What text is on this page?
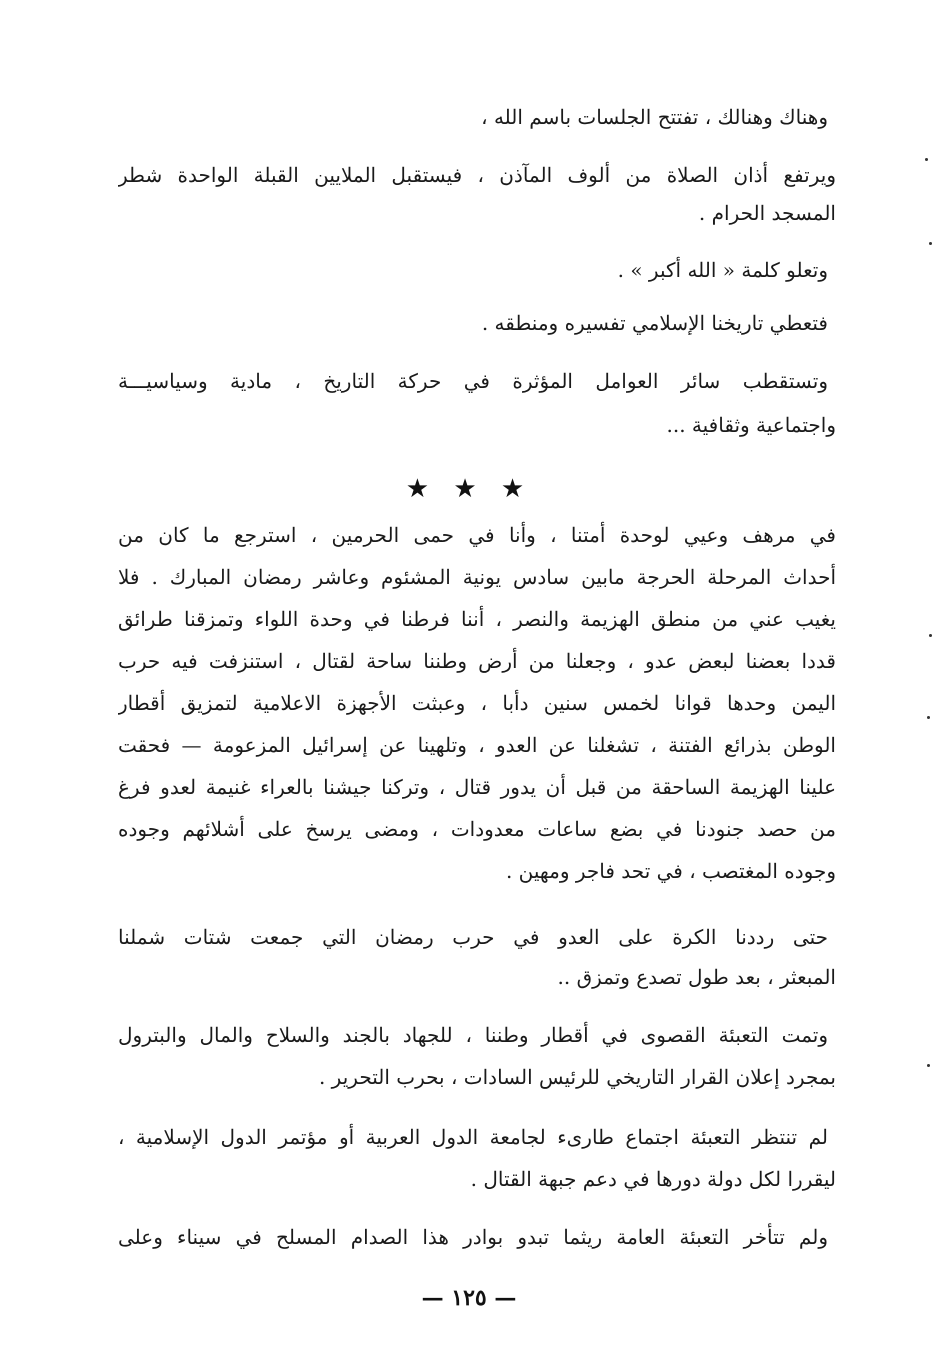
وهناك وهنالك ، تفتتح الجلسات باسم الله ،
ويرتفع أذان الصلاة من ألوف المآذن ، فيستقبل الملايين القبلة الواحدة شطر
المسجد الحرام .
وتعلو كلمة « الله أكبر » .
فتعطي تاريخنا الإسلامي تفسيره ومنطقه .
وتستقطب سائر العوامل المؤثرة في حركة التاريخ ، مادية وسياسيـــة
واجتماعية وثقافية ...
★ ★ ★
في مرهف وعيي لوحدة أمتنا ، وأنا في حمى الحرمين ، استرجع ما كان من
أحداث المرحلة الحرجة مابين سادس يونية المشئوم وعاشر رمضان المبارك . فلا
يغيب عني من منطق الهزيمة والنصر ، أننا فرطنا في وحدة اللواء وتمزقنا طرائق
قددا بعضنا لبعض عدو ، وجعلنا من أرض وطننا ساحة لقتال ، استنزفت فيه حرب
اليمن وحدها قوانا لخمس سنين دأبا ، وعبثت الأجهزة الاعلامية لتمزيق أقطار
الوطن بذرائع الفتنة ، تشغلنا عن العدو ، وتلهينا عن إسرائيل المزعومة — فحقت
علينا الهزيمة الساحقة من قبل أن يدور قتال ، وتركنا جيشنا بالعراء غنيمة لعدو فرغ
من حصد جنودنا في بضع ساعات معدودات ، ومضى يرسخ على أشلائهم وجوده
وجوده المغتصب ، في تحد فاجر ومهين .
حتى رددنا الكرة على العدو في حرب رمضان التي جمعت شتات شملنا
المبعثر ، بعد طول تصدع وتمزق ..
وتمت التعبئة القصوى في أقطار وطننا ، للجهاد بالجند والسلاح والمال والبترول
بمجرد إعلان القرار التاريخي للرئيس السادات ، بحرب التحرير .
لم تنتظر التعبئة اجتماع طارىء لجامعة الدول العربية أو مؤتمر الدول الإسلامية ،
ليقررا لكل دولة دورها في دعم جبهة القتال .
ولم تتأخر التعبئة العامة ريثما تبدو بوادر هذا الصدام المسلح في سيناء وعلى
— ١٢٥ —
